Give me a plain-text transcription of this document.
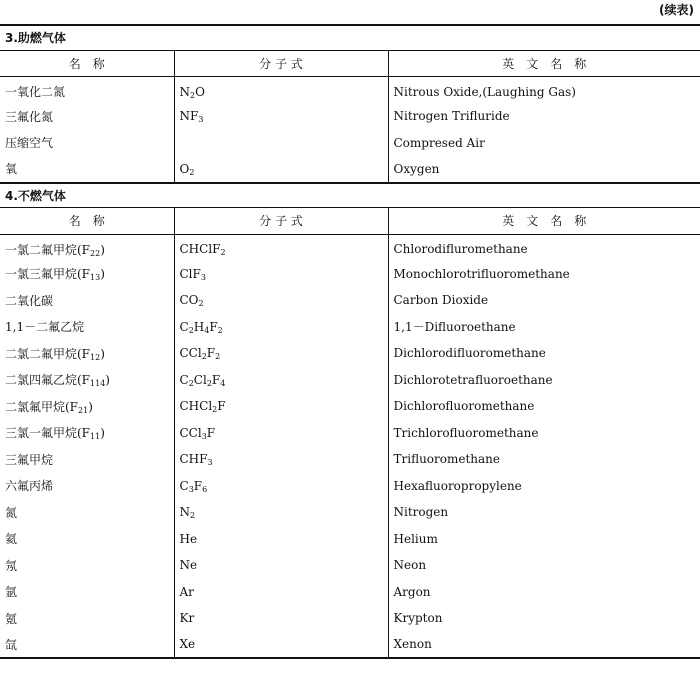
(续表)

3.助燃气体		
名　称	分 子 式	英　文　名　称
一氧化二氮	$N_2O$	Nitrous Oxide,(Laughing Gas)
三氟化氮	$NF_3$	Nitrogen Trifluride
压缩空气		Compresed Air
氧	$O_2$	Oxygen
4.不燃气体		
名　称	分 子 式	英　文　名　称
一氯二氟甲烷$(F_{22})$	CHClF$_2$	Chlorodifluromethane
一氯三氟甲烷$(F_{13})$	ClF$_3$	Monochlorotrifluoromethane
二氧化碳	$CO_2$	Carbon Dioxide
1,1－二氟乙烷	$C_2H_4F_2$	1,1－Difluoroethane
二氯二氟甲烷$(F_{12})$	$CCl_2F_2$	Dichlorodifluoromethane
二氯四氟乙烷$(F_{114})$	$C_2Cl_2F_4$	Dichlorotetrafluoroethane
二氯氟甲烷$(F_{21})$	CHCl$_2$F	Dichlorofluoromethane
三氯一氟甲烷$(F_{11})$	CCl$_3$F	Trichlorofluoromethane
三氟甲烷	$CHF_3$	Trifluoromethane
六氟丙烯	$C_3F_6$	Hexafluoropropylene
氮	$N_2$	Nitrogen
氦	He	Helium
氖	Ne	Neon
氩	Ar	Argon
氪	Kr	Krypton
氙	Xe	Xenon
